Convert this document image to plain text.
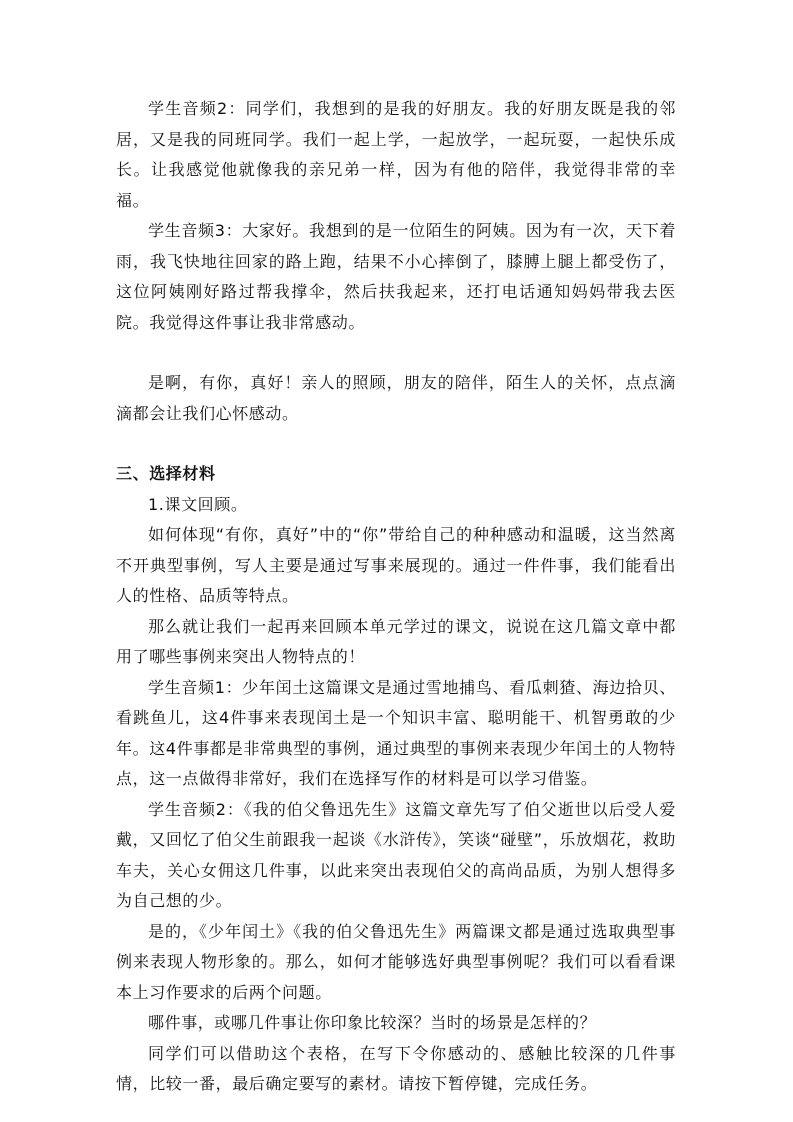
学生音频2：同学们，我想到的是我的好朋友。我的好朋友既是我的邻居，又是我的同班同学。我们一起上学，一起放学，一起玩耍，一起快乐成长。让我感觉他就像我的亲兄弟一样，因为有他的陪伴，我觉得非常的幸福。

学生音频3：大家好。我想到的是一位陌生的阿姨。因为有一次，天下着雨，我飞快地往回家的路上跑，结果不小心摔倒了，膝膊上腿上都受伤了，这位阿姨刚好路过帮我撑伞，然后扶我起来，还打电话通知妈妈带我去医院。我觉得这件事让我非常感动。

是啊，有你，真好！亲人的照顾，朋友的陪伴，陌生人的关怀，点点滴滴都会让我们心怀感动。

三、选择材料

1.课文回顾。

如何体现“有你，真好”中的“你”带给自己的种种感动和温暖，这当然离不开典型事例，写人主要是通过写事来展现的。通过一件件事，我们能看出人的性格、品质等特点。

那么就让我们一起再来回顾本单元学过的课文，说说在这几篇文章中都用了哪些事例来突出人物特点的！

学生音频1：少年闰土这篇课文是通过雪地捕鸟、看瓜刺猹、海边拾贝、看跳鱼儿，这4件事来表现闰土是一个知识丰富、聪明能干、机智勇敢的少年。这4件事都是非常典型的事例，通过典型的事例来表现少年闰土的人物特点，这一点做得非常好，我们在选择写作的材料是可以学习借鉴。

学生音频2：《我的伯父鲁迅先生》这篇文章先写了伯父逝世以后受人爱戴，又回忆了伯父生前跟我一起谈《水浒传》，笑谈“碰壁”，乐放烟花，救助车夫，关心女佣这几件事，以此来突出表现伯父的高尚品质，为别人想得多为自己想的少。

是的，《少年闰土》《我的伯父鲁迅先生》两篇课文都是通过选取典型事例来表现人物形象的。那么，如何才能够选好典型事例呢？我们可以看看课本上习作要求的后两个问题。

哪件事，或哪几件事让你印象比较深？当时的场景是怎样的？

同学们可以借助这个表格，在写下令你感动的、感触比较深的几件事情，比较一番，最后确定要写的素材。请按下暂停键，完成任务。
